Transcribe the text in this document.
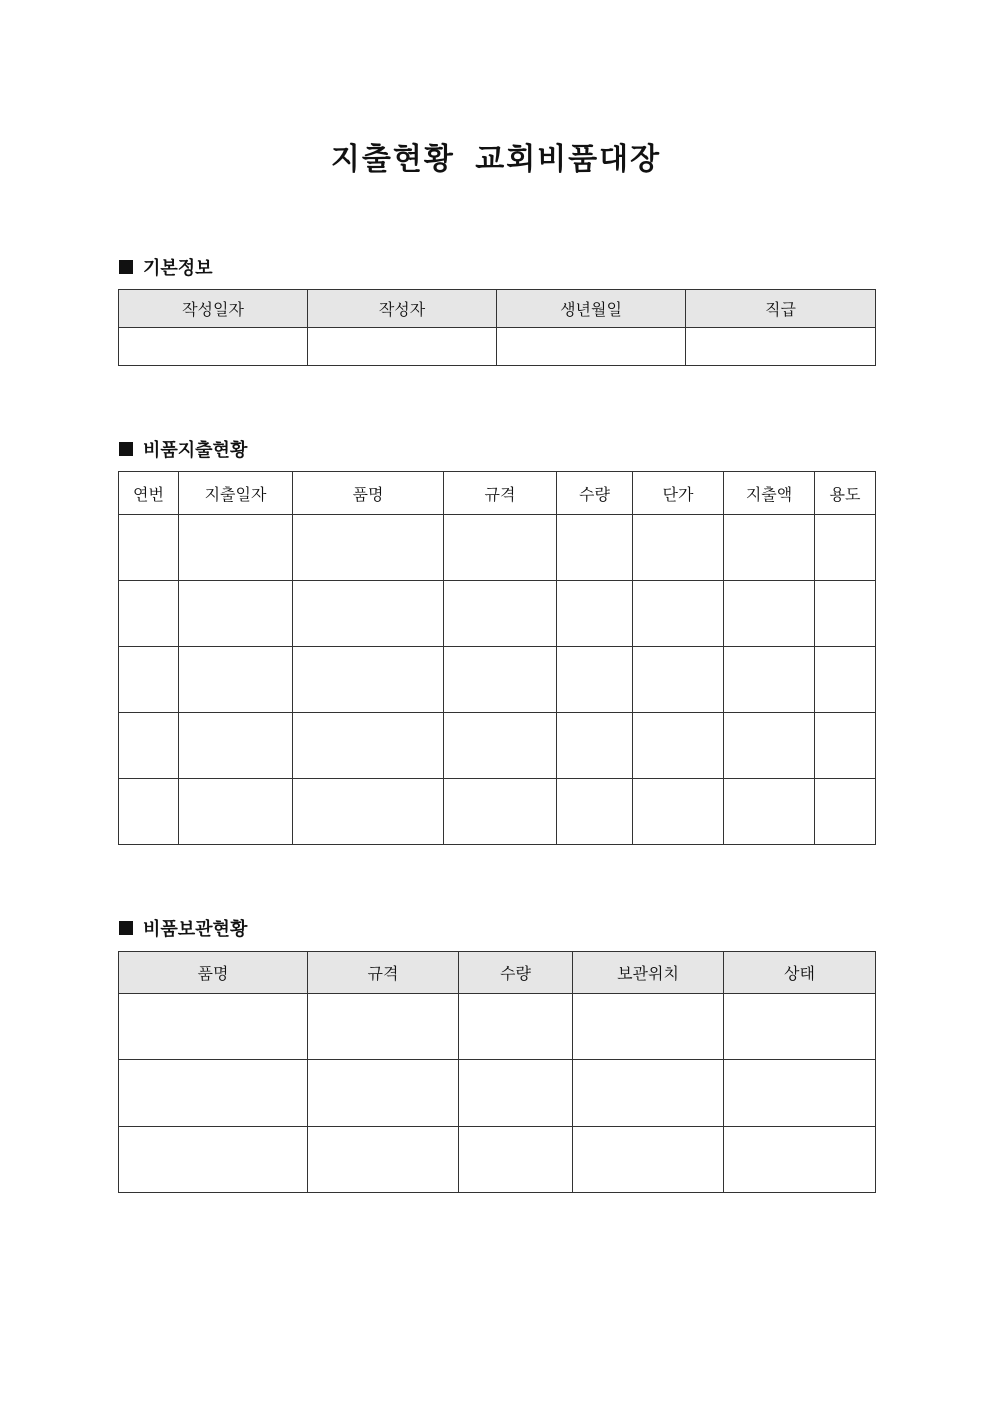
지출현황 교회비품대장
기본정보
작성일자	작성자	생년월일	직급

비품지출현황
연번	지출일자	품명	규격	수량	단가	지출액	용도

비품보관현황
품명	규격	수량	보관위치	상태
